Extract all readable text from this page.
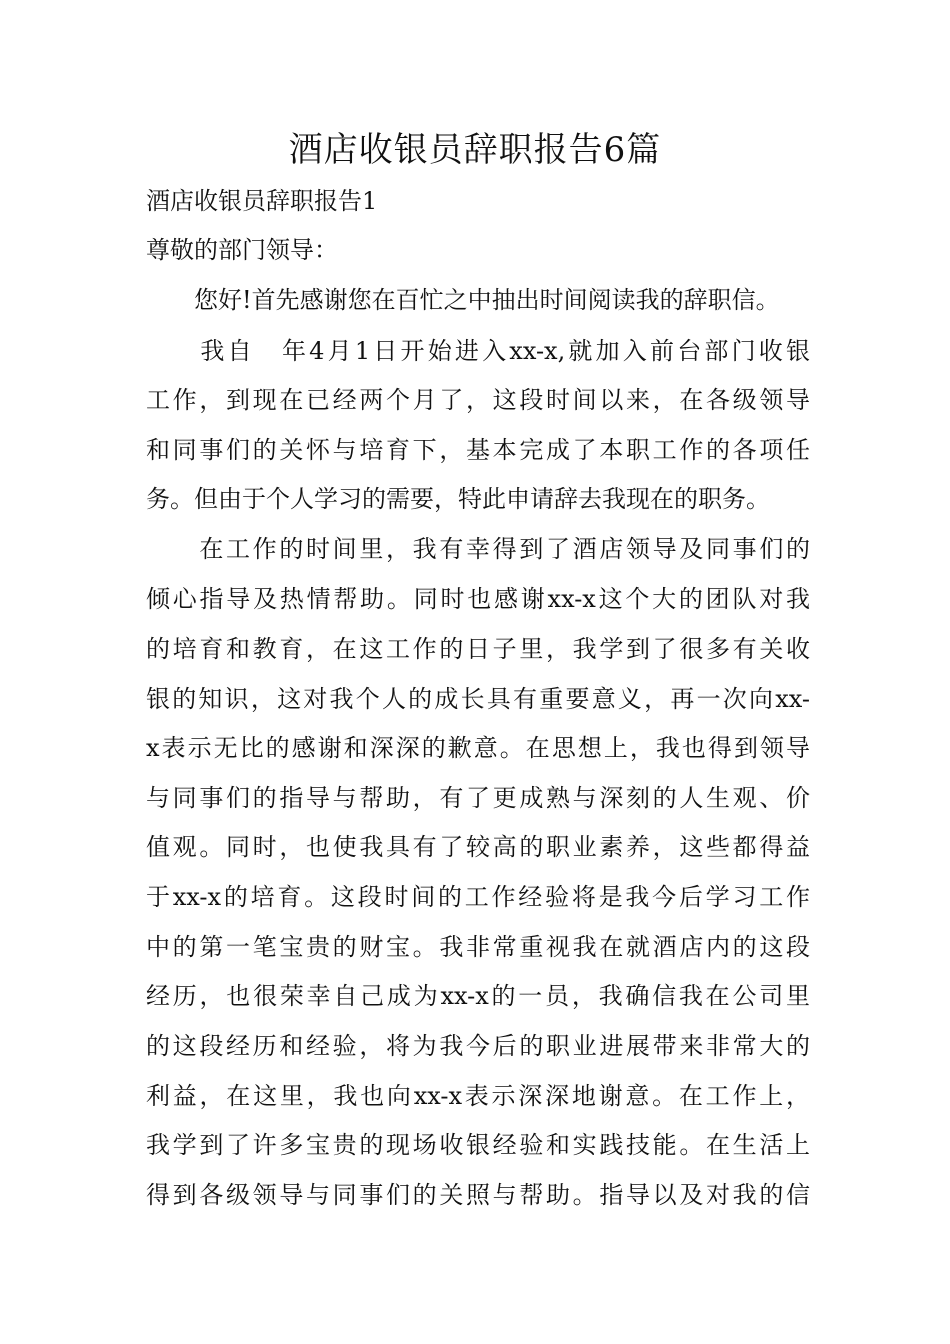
酒店收银员辞职报告6篇

酒店收银员辞职报告1

尊敬的部门领导：

　　您好!首先感谢您在百忙之中抽出时间阅读我的辞职信。

　　我自　年4月1日开始进入xx-x,就加入前台部门收银

工作，到现在已经两个月了，这段时间以来，在各级领导

和同事们的关怀与培育下，基本完成了本职工作的各项任

务。但由于个人学习的需要，特此申请辞去我现在的职务。

　　在工作的时间里，我有幸得到了酒店领导及同事们的

倾心指导及热情帮助。同时也感谢xx-x这个大的团队对我

的培育和教育，在这工作的日子里，我学到了很多有关收

银的知识，这对我个人的成长具有重要意义，再一次向xx-

x表示无比的感谢和深深的歉意。在思想上，我也得到领导

与同事们的指导与帮助，有了更成熟与深刻的人生观、价

值观。同时，也使我具有了较高的职业素养，这些都得益

于xx-x的培育。这段时间的工作经验将是我今后学习工作

中的第一笔宝贵的财宝。我非常重视我在就酒店内的这段

经历，也很荣幸自己成为xx-x的一员，我确信我在公司里

的这段经历和经验，将为我今后的职业进展带来非常大的

利益，在这里，我也向xx-x表示深深地谢意。在工作上，

我学到了许多宝贵的现场收银经验和实践技能。在生活上

得到各级领导与同事们的关照与帮助。指导以及对我的信
